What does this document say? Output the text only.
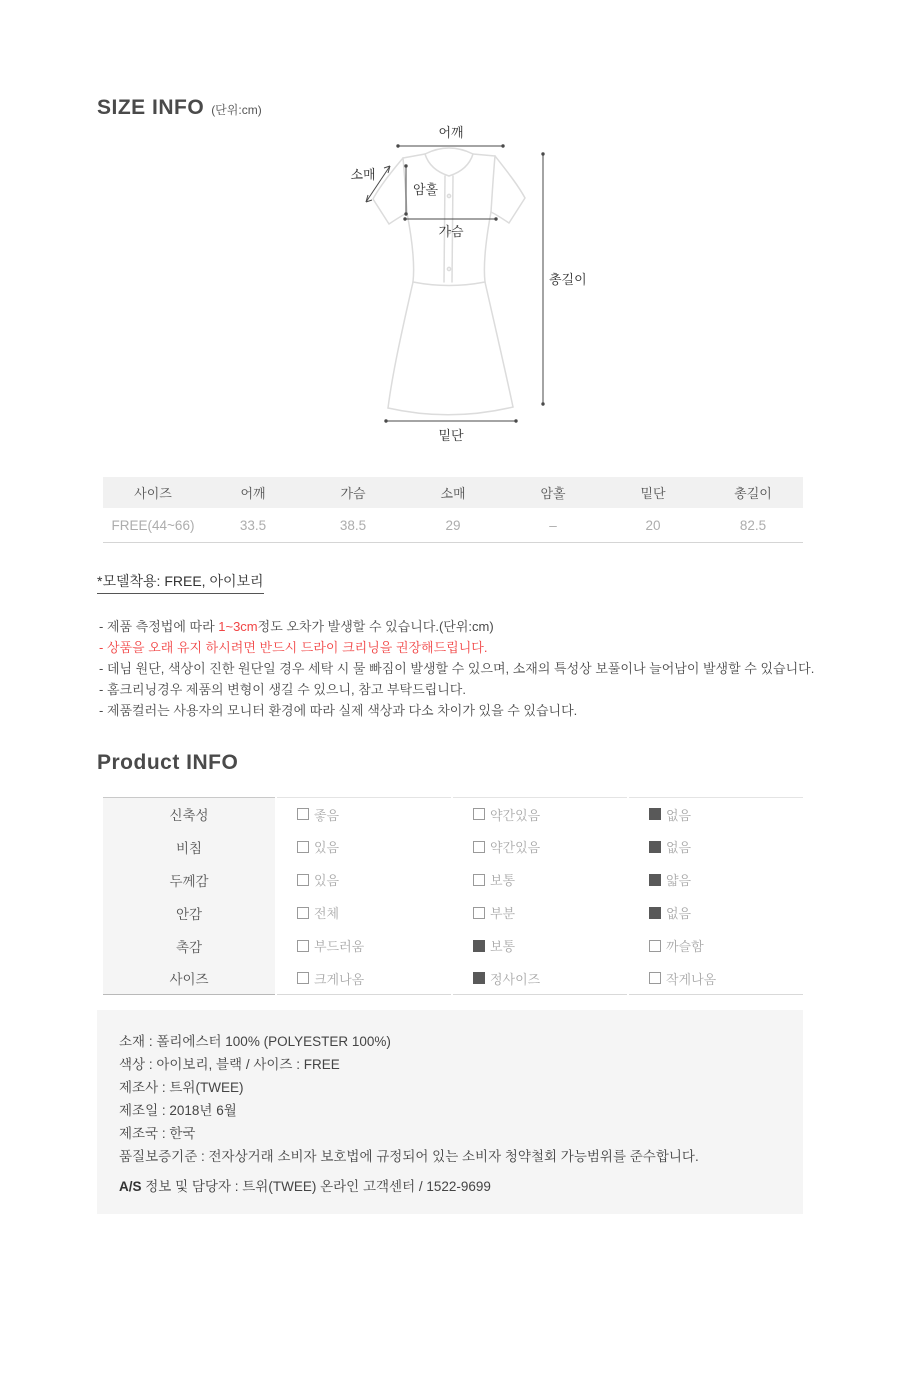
SIZE INFO (단위:cm)
어깨
소매
암홀
가슴
총길이
밑단
사이즈	어깨	가슴	소매	암홀	밑단	총길이
FREE(44~66)	33.5	38.5	29	–	20	82.5

*모델착용: FREE, 아이보리

- 제품 측정법에 따라 1~3cm정도 오차가 발생할 수 있습니다.(단위:cm)
- 상품을 오래 유지 하시려면 반드시 드라이 크리닝을 권장해드립니다.
- 데님 원단, 색상이 진한 원단일 경우 세탁 시 물 빠짐이 발생할 수 있으며, 소재의 특성상 보풀이나 늘어남이 발생할 수 있습니다.
- 홈크리닝경우 제품의 변형이 생길 수 있으니, 참고 부탁드립니다.
- 제품컬러는 사용자의 모니터 환경에 따라 실제 색상과 다소 차이가 있을 수 있습니다.
Product INFO
신축성	좋음	약간있음	없음
비침	있음	약간있음	없음
두께감	있음	보통	얇음
안감	전체	부분	없음
촉감	부드러움	보통	까슬함
사이즈	크게나옴	정사이즈	작게나옴

소재 : 폴리에스터 100% (POLYESTER 100%)

색상 : 아이보리, 블랙 / 사이즈 : FREE

제조사 : 트위(TWEE)

제조일 : 2018년 6월

제조국 : 한국

품질보증기준 : 전자상거래 소비자 보호법에 규정되어 있는 소비자 청약철회 가능범위를 준수합니다.

A/S 정보 및 담당자 : 트위(TWEE) 온라인 고객센터 / 1522-9699
